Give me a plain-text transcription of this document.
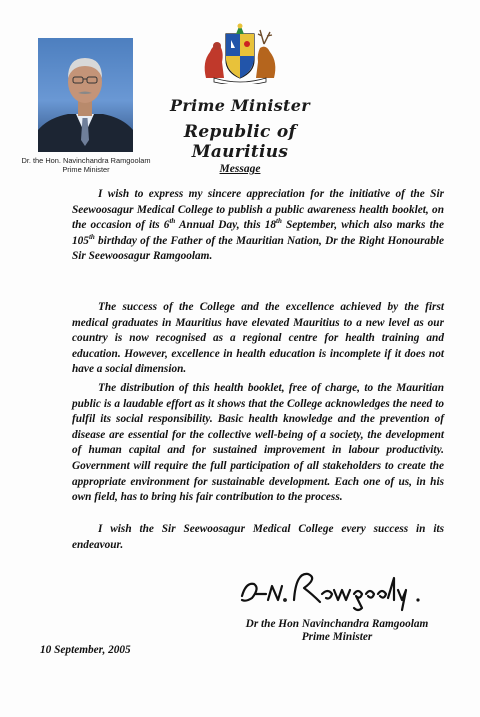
Dr. the Hon. Navinchandra Ramgoolam
Prime Minister
Prime Minister
Republic of Mauritius
Message

I wish to express my sincere appreciation for the initiative of the Sir Seewoosagur Medical College to publish a public awareness health booklet, on the occasion of its 6th Annual Day, this 18th September, which also marks the 105th birthday of the Father of the Mauritian Nation, Dr the Right Honourable Sir Seewoosagur Ramgoolam.

The success of the College and the excellence achieved by the first medical graduates in Mauritius have elevated Mauritius to a new level as our country is now recognised as a regional centre for health training and education. However, excellence in health education is incomplete if it does not have a social dimension.

The distribution of this health booklet, free of charge, to the Mauritian public is a laudable effort as it shows that the College acknowledges the need to fulfil its social responsibility. Basic health knowledge and the prevention of disease are essential for the collective well-being of a society, the development of human capital and for sustained improvement in labour productivity. Government will require the full participation of all stakeholders to create the appropriate environment for sustainable development. Each one of us, in his own field, has to bring his fair contribution to the process.

I wish the Sir Seewoosagur Medical College every success in its endeavour.

Dr the Hon Navinchandra Ramgoolam
Prime Minister
10 September, 2005
